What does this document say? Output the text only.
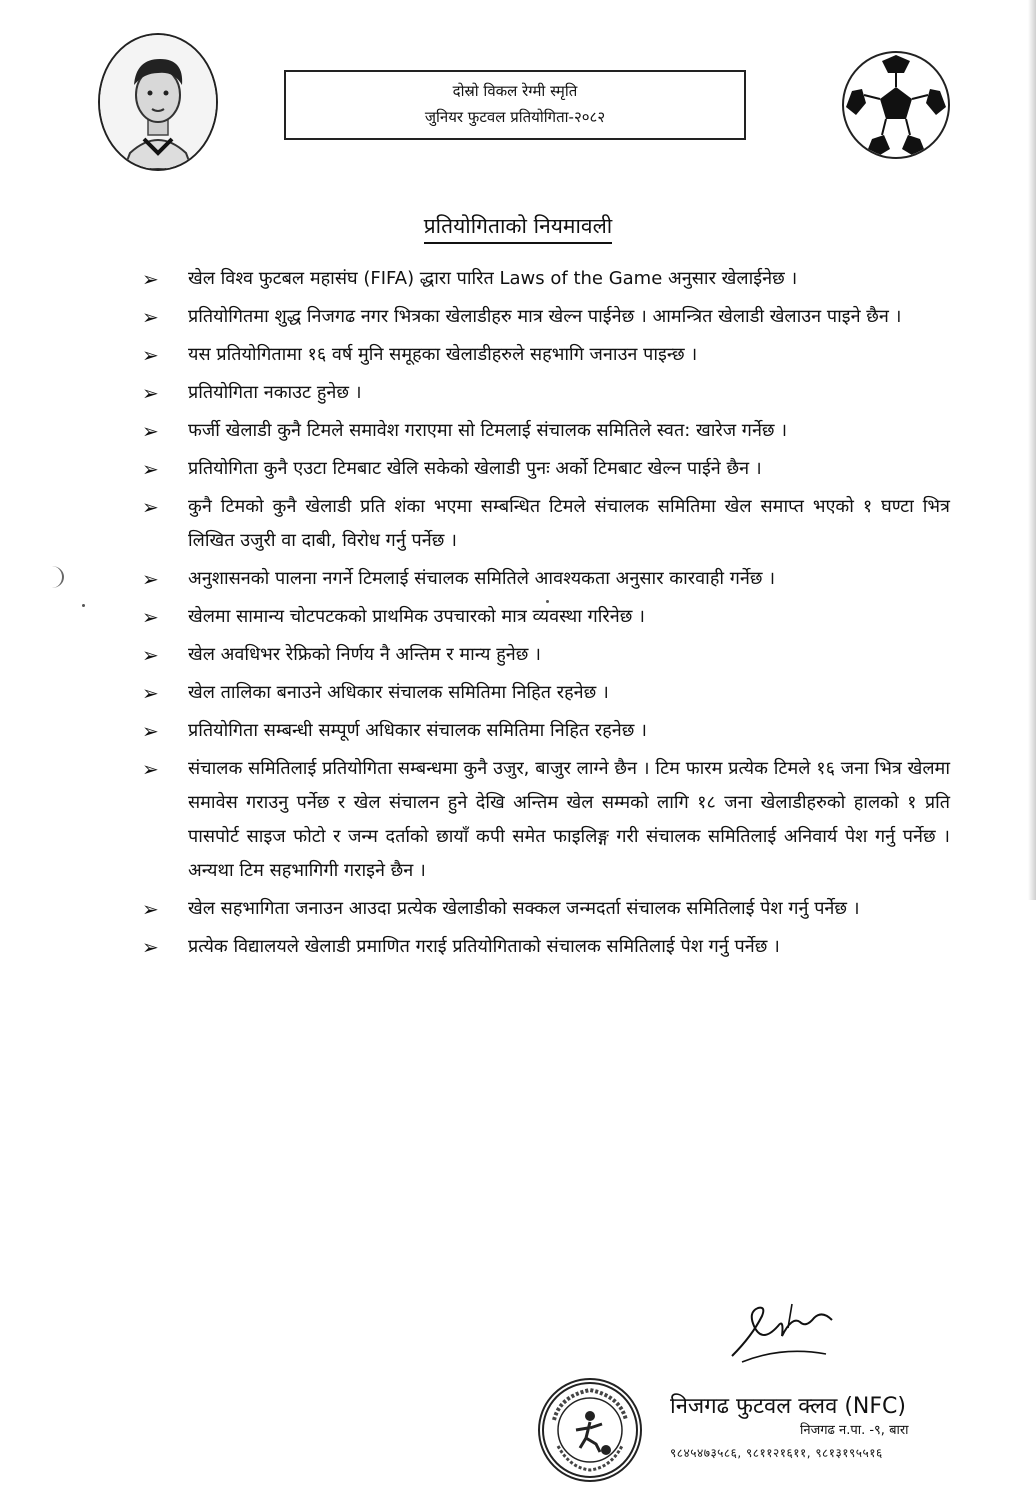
दोस्रो विकल रेग्मी स्मृति
जुनियर फुटवल प्रतियोगिता-२०८२
प्रतियोगिताको नियमावली
➢ खेल विश्व फुटबल महासंघ (FIFA) द्धारा पारित Laws of the Game अनुसार खेलाईनेछ ।
➢ प्रतियोगितमा शुद्ध निजगढ नगर भित्रका खेलाडीहरु मात्र खेल्न पाईनेछ । आमन्त्रित खेलाडी खेलाउन पाइने छैन ।
➢ यस प्रतियोगितामा १६ वर्ष मुनि समूहका खेलाडीहरुले सहभागि जनाउन पाइन्छ ।
➢ प्रतियोगिता नकाउट हुनेछ ।
➢ फर्जी खेलाडी कुनै टिमले समावेश गराएमा सो टिमलाई संचालक समितिले स्वत: खारेज गर्नेछ ।
➢ प्रतियोगिता कुनै एउटा टिमबाट खेलि सकेको खेलाडी पुनः अर्को टिमबाट खेल्न पाईने छैन ।
➢ कुनै टिमको कुनै खेलाडी प्रति शंका भएमा सम्बन्धित टिमले संचालक समितिमा खेल समाप्त भएको १ घण्टा भित्र लिखित उजुरी वा दाबी, विरोध गर्नु पर्नेछ ।
➢ अनुशासनको पालना नगर्ने टिमलाई संचालक समितिले आवश्यकता अनुसार कारवाही गर्नेछ ।
➢ खेलमा सामान्य चोटपटकको प्राथमिक उपचारको मात्र व्यवस्था गरिनेछ ।
➢ खेल अवधिभर रेफ्रिको निर्णय नै अन्तिम र मान्य हुनेछ ।
➢ खेल तालिका बनाउने अधिकार संचालक समितिमा निहित रहनेछ ।
➢ प्रतियोगिता सम्बन्धी सम्पूर्ण अधिकार संचालक समितिमा निहित रहनेछ ।
➢ संचालक समितिलाई प्रतियोगिता सम्बन्धमा कुनै उजुर, बाजुर लाग्ने छैन । टिम फारम प्रत्येक टिमले १६ जना भित्र खेलमा समावेस गराउनु पर्नेछ र खेल संचालन हुने देखि अन्तिम खेल सम्मको लागि १८ जना खेलाडीहरुको हालको १ प्रति पासपोर्ट साइज फोटो र जन्म दर्ताको छायाँ कपी समेत फाइलिङ्ग गरी संचालक समितिलाई अनिवार्य पेश गर्नु पर्नेछ । अन्यथा टिम सहभागिगी गराइने छैन ।
➢ खेल सहभागिता जनाउन आउदा प्रत्येक खेलाडीको सक्कल जन्मदर्ता संचालक समितिलाई पेश गर्नु पर्नेछ ।
➢ प्रत्येक विद्यालयले खेलाडी प्रमाणित गराई प्रतियोगिताको संचालक समितिलाई पेश गर्नु पर्नेछ ।
निजगढ फुटवल क्लव (NFC)
निजगढ न.पा. -९, बारा
९८४५४७३५८६, ९८११२१६११, ९८१३१९५५१६
